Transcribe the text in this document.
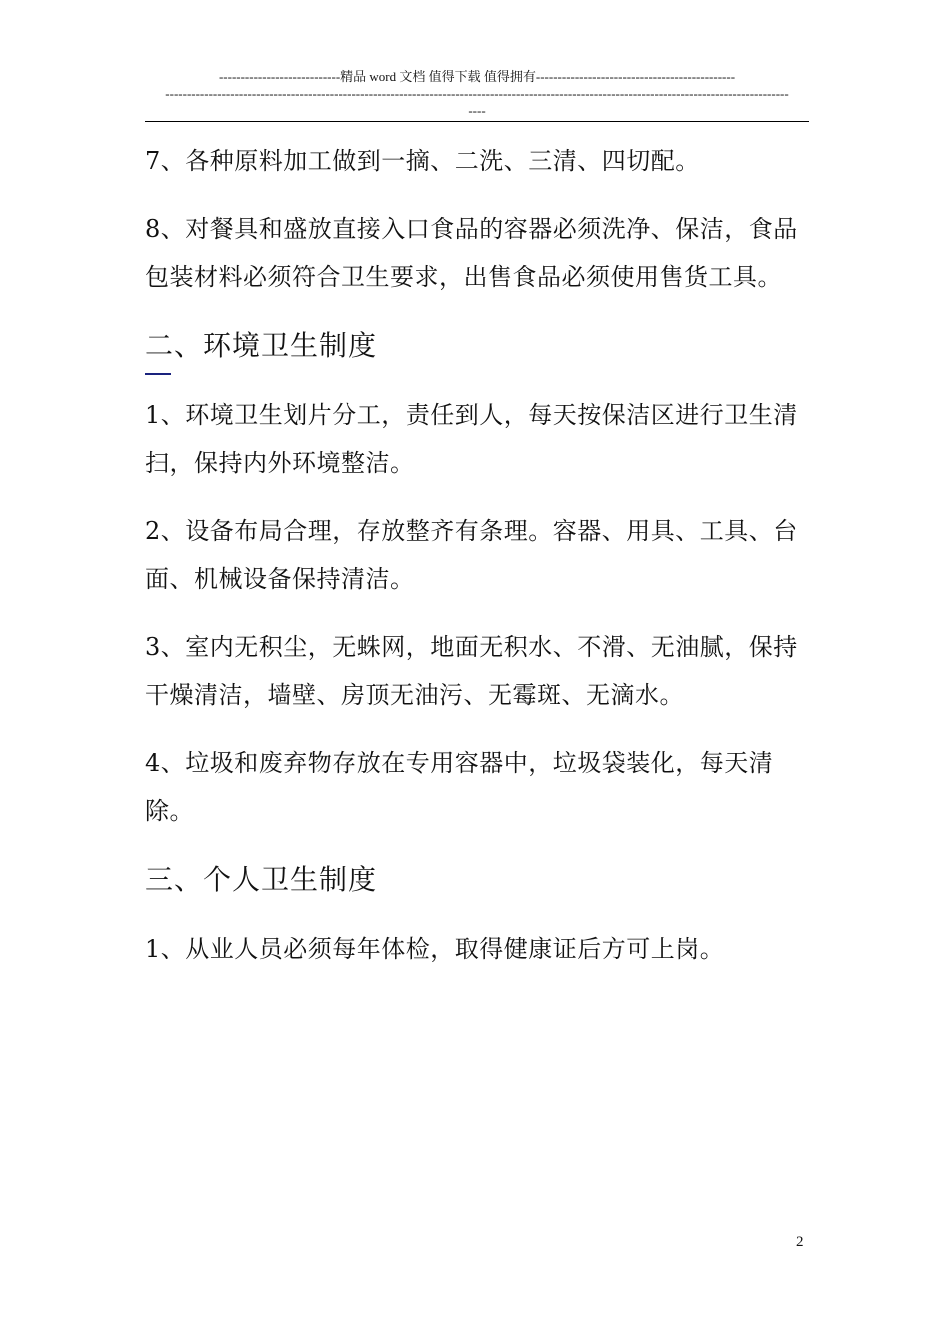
----------------------------精品 word 文档 值得下载 值得拥有----------------------------------------------
------------------------------------------------------------------------------------------------------------------------------------------------
----

7、各种原料加工做到一摘、二洗、三清、四切配。

8、对餐具和盛放直接入口食品的容器必须洗净、保洁，食品包装材料必须符合卫生要求，出售食品必须使用售货工具。

二、环境卫生制度

1、环境卫生划片分工，责任到人，每天按保洁区进行卫生清扫，保持内外环境整洁。

2、设备布局合理，存放整齐有条理。容器、用具、工具、台面、机械设备保持清洁。

3、室内无积尘，无蛛网，地面无积水、不滑、无油腻，保持干燥清洁，墙壁、房顶无油污、无霉斑、无滴水。

4、垃圾和废弃物存放在专用容器中，垃圾袋装化，每天清除。

三、个人卫生制度

1、从业人员必须每年体检，取得健康证后方可上岗。

2
